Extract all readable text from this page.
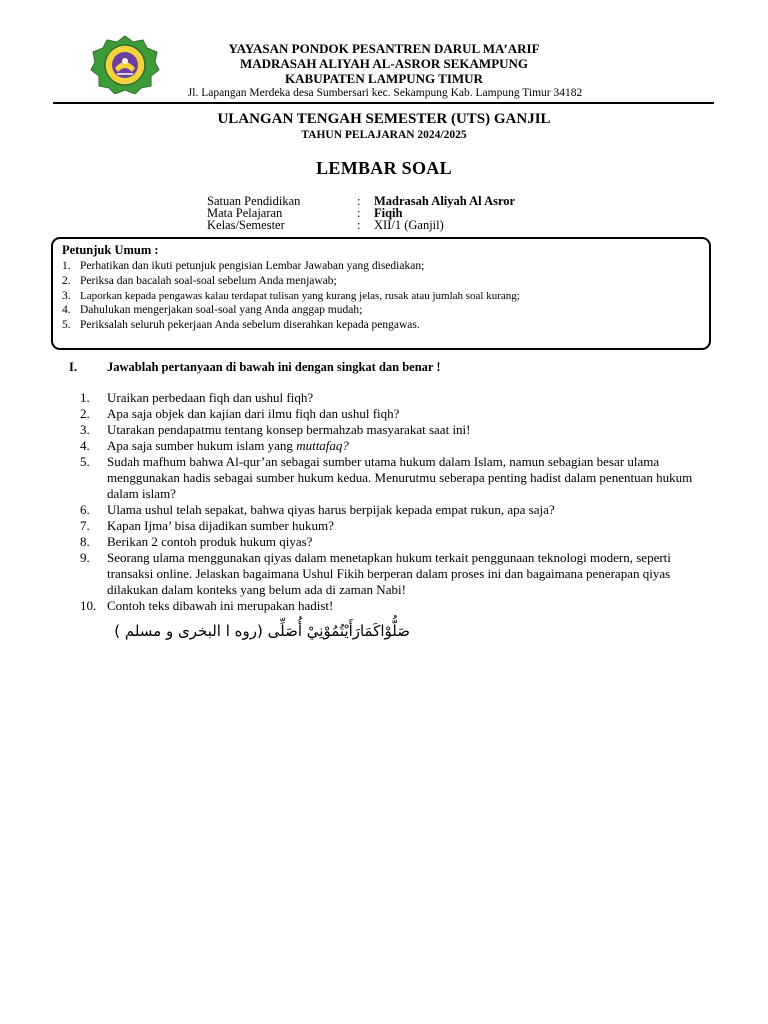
YAYASAN PONDOK PESANTREN DARUL MA’ARIF
MADRASAH ALIYAH AL-ASROR SEKAMPUNG
KABUPATEN LAMPUNG TIMUR
Jl. Lapangan Merdeka desa Sumbersari kec. Sekampung Kab. Lampung Timur 34182
ULANGAN TENGAH SEMESTER (UTS) GANJIL
TAHUN PELAJARAN 2024/2025
LEMBAR SOAL
Satuan Pendidikan	: Madrasah Aliyah Al Asror
Mata Pelajaran	: Fiqih
Kelas/Semester	: XII/1 (Ganjil)
Petunjuk Umum :
1. Perhatikan dan ikuti petunjuk pengisian Lembar Jawaban yang disediakan;
2. Periksa dan bacalah soal-soal sebelum Anda menjawab;
3. Laporkan kepada pengawas kalau terdapat tulisan yang kurang jelas, rusak atau jumlah soal kurang;
4. Dahulukan mengerjakan soal-soal yang Anda anggap mudah;
5. Periksalah seluruh pekerjaan Anda sebelum diserahkan kepada pengawas.
I. Jawablah pertanyaan di bawah ini dengan singkat dan benar !
1.	Uraikan perbedaan fiqh dan ushul fiqh?
2.	Apa saja objek dan kajian dari ilmu fiqh dan ushul fiqh?
3.	Utarakan pendapatmu tentang konsep bermahzab masyarakat saat ini!
4.	Apa saja sumber hukum islam yang muttafaq?
5.	Sudah mafhum bahwa Al-qur’an sebagai sumber utama hukum dalam Islam, namun sebagian besar ulama menggunakan hadis sebagai sumber hukum kedua. Menurutmu seberapa penting hadist dalam penentuan hukum dalam islam?
6.	Ulama ushul telah sepakat, bahwa qiyas harus berpijak kepada empat rukun, apa saja?
7.	Kapan Ijma’ bisa dijadikan sumber hukum?
8.	Berikan 2 contoh produk hukum qiyas?
9.	Seorang ulama menggunakan qiyas dalam menetapkan hukum terkait penggunaan teknologi modern, seperti transaksi online. Jelaskan bagaimana Ushul Fikih berperan dalam proses ini dan bagaimana penerapan qiyas dilakukan dalam konteks yang belum ada di zaman Nabi!
10. Contoh teks dibawah ini merupakan hadist!
صَلُّوْاكَمَارَأَيْتُمُوْنِيْ أُصَلِّى (روه ا البخرى و مسلم )
